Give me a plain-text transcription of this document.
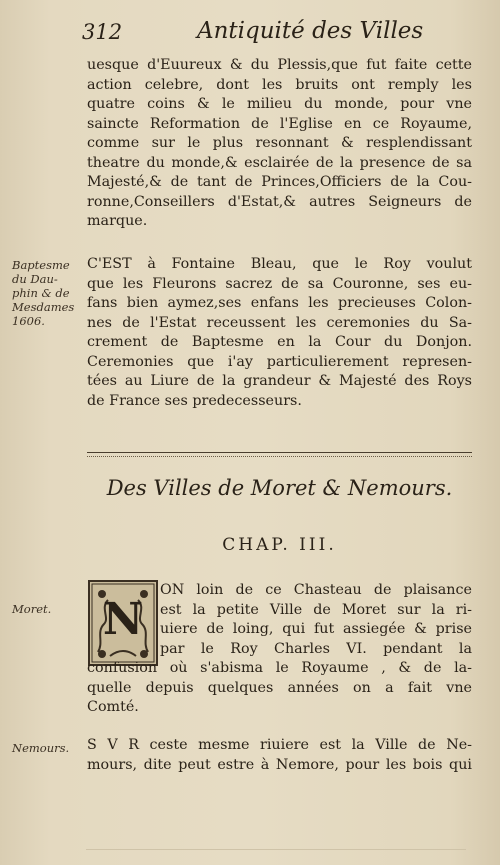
312	Antiquité des Villes
uesque d'Euureux & du Plessis,que fut faite cette
action celebre, dont les bruits ont remply les
quatre coins & le milieu du monde, pour vne
saincte Reformation de l'Eglise en ce Royaume,
comme sur le plus resonnant & resplendissant
theatre du monde,& esclairée de la presence de sa
Majesté,& de tant de Princes,Officiers de la Cou-
ronne,Conseillers d'Estat,& autres Seigneurs de
marque.
Baptesme
du Dau-
phin & de
Mesdames
1606.
C'EST à Fontaine Bleau, que le Roy voulut
que les Fleurons sacrez de sa Couronne, ses eu-
fans bien aymez,ses enfans les precieuses Colon-
nes de l'Estat receussent les ceremonies du Sa-
crement de Baptesme en la Cour du Donjon.
Ceremonies que i'ay particulierement represen-
tées au Liure de la grandeur & Majesté des Roys
de France ses predecesseurs.
Des Villes de Moret & Nemours.
CHAP. III.
N
Moret.
ON loin de ce Chasteau de plaisance
est la petite Ville de Moret sur la ri-
uiere de loing, qui fut assiegée & prise
par le Roy Charles VI. pendant la
confusion où s'abisma le Royaume , & de la-
quelle depuis quelques années on a fait vne
Comté.
Nemours. S V R ceste mesme riuiere est la Ville de Ne-
mours, dite peut estre à Nemore, pour les bois qui
